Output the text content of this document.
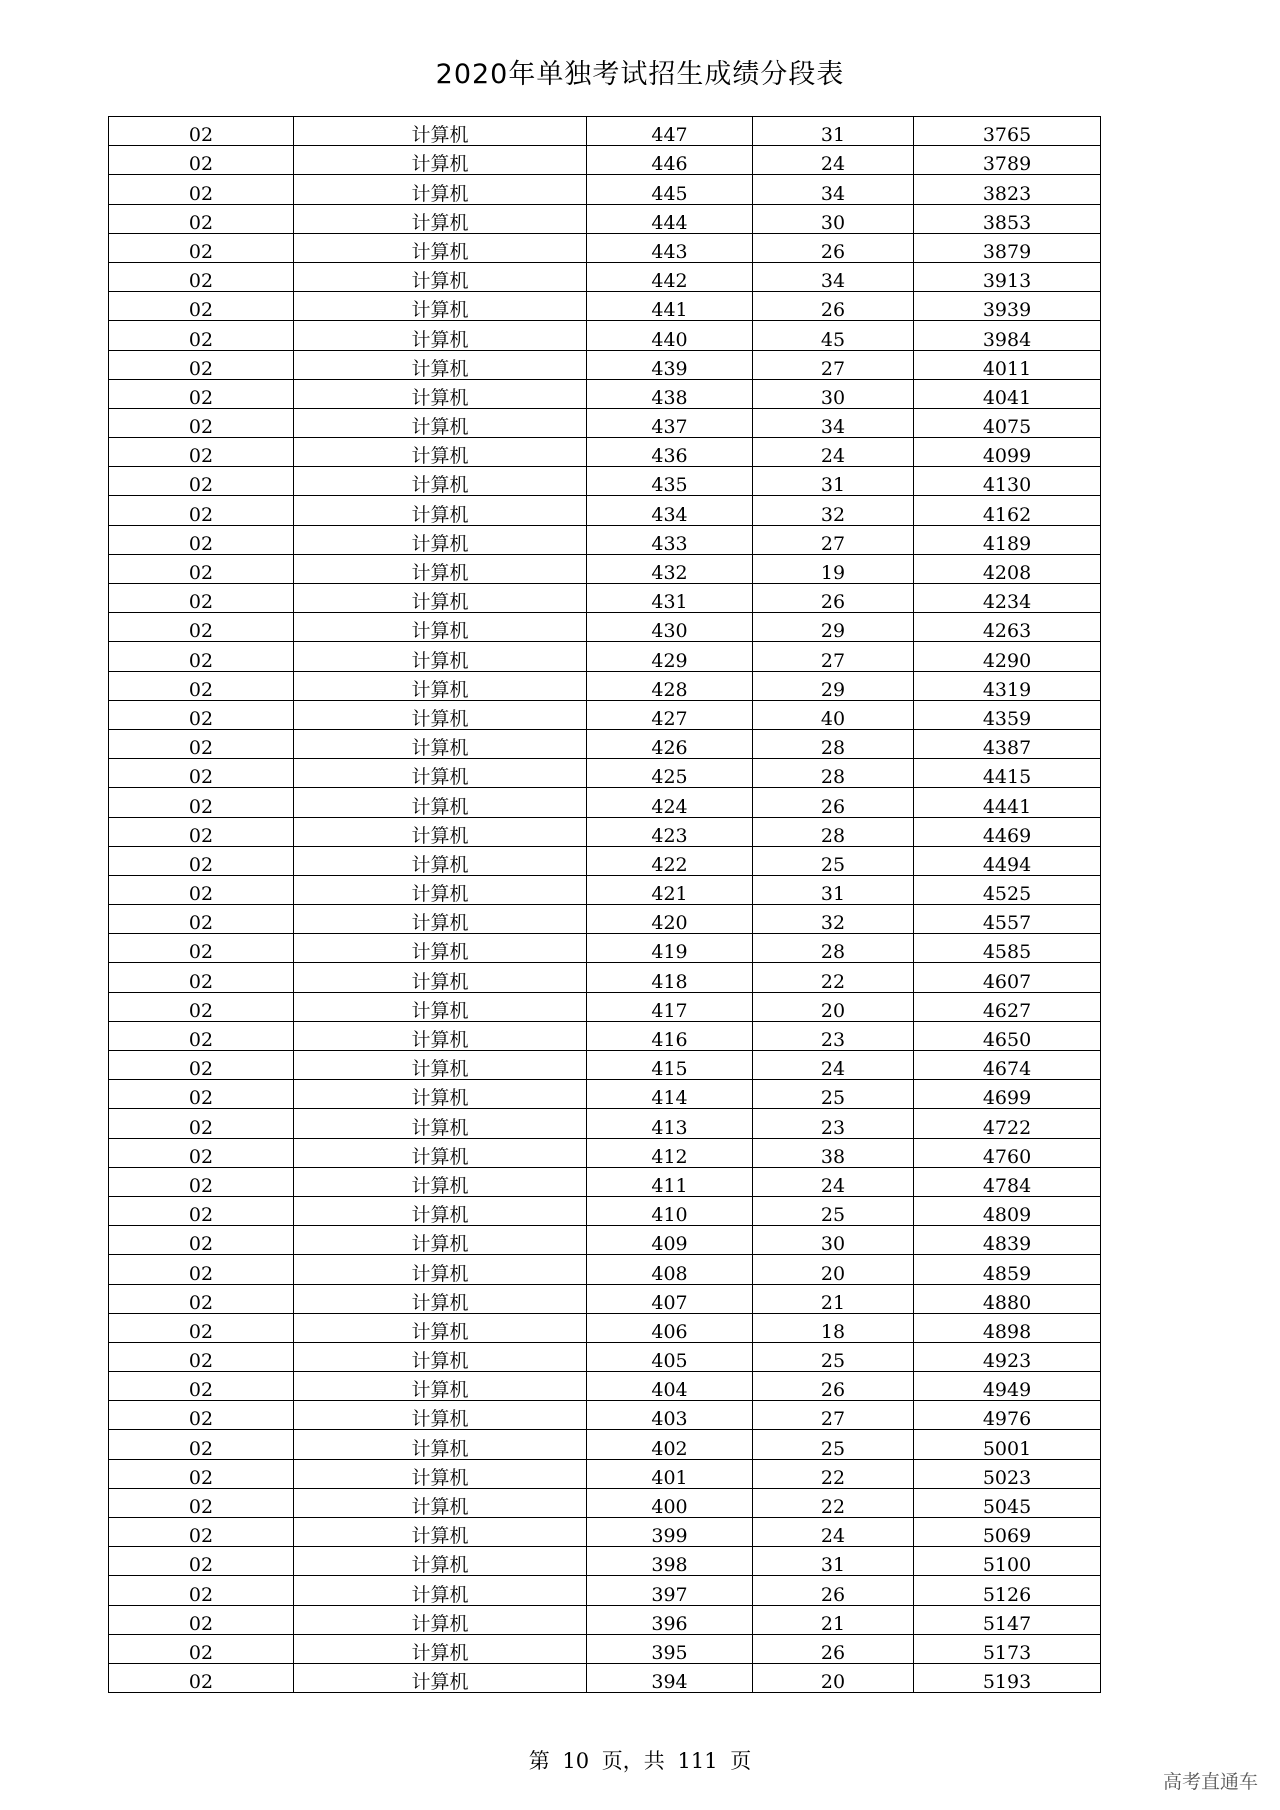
2020年单独考试招生成绩分段表
02	计算机	447	31	3765
02	计算机	446	24	3789
02	计算机	445	34	3823
02	计算机	444	30	3853
02	计算机	443	26	3879
02	计算机	442	34	3913
02	计算机	441	26	3939
02	计算机	440	45	3984
02	计算机	439	27	4011
02	计算机	438	30	4041
02	计算机	437	34	4075
02	计算机	436	24	4099
02	计算机	435	31	4130
02	计算机	434	32	4162
02	计算机	433	27	4189
02	计算机	432	19	4208
02	计算机	431	26	4234
02	计算机	430	29	4263
02	计算机	429	27	4290
02	计算机	428	29	4319
02	计算机	427	40	4359
02	计算机	426	28	4387
02	计算机	425	28	4415
02	计算机	424	26	4441
02	计算机	423	28	4469
02	计算机	422	25	4494
02	计算机	421	31	4525
02	计算机	420	32	4557
02	计算机	419	28	4585
02	计算机	418	22	4607
02	计算机	417	20	4627
02	计算机	416	23	4650
02	计算机	415	24	4674
02	计算机	414	25	4699
02	计算机	413	23	4722
02	计算机	412	38	4760
02	计算机	411	24	4784
02	计算机	410	25	4809
02	计算机	409	30	4839
02	计算机	408	20	4859
02	计算机	407	21	4880
02	计算机	406	18	4898
02	计算机	405	25	4923
02	计算机	404	26	4949
02	计算机	403	27	4976
02	计算机	402	25	5001
02	计算机	401	22	5023
02	计算机	400	22	5045
02	计算机	399	24	5069
02	计算机	398	31	5100
02	计算机	397	26	5126
02	计算机	396	21	5147
02	计算机	395	26	5173
02	计算机	394	20	5193
第 10 页，共 111 页
高考直通车
